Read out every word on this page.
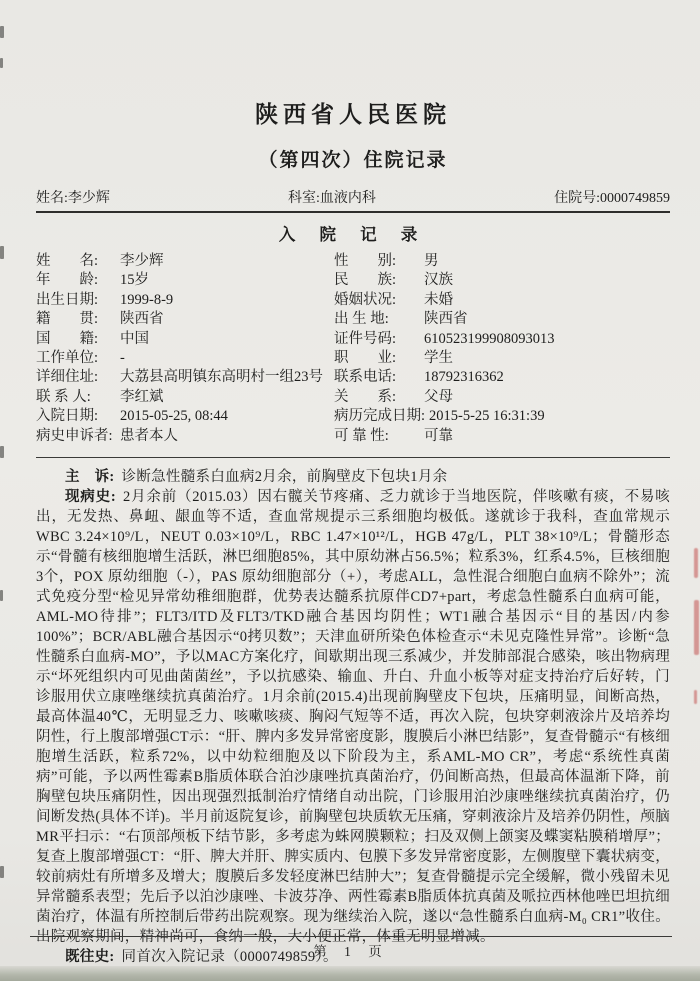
陕西省人民医院
（第四次）住院记录
姓名:李少辉	科室:血液内科	住院号:0000749859
入 院 记 录
姓　　名: 李少辉
年　　龄: 15岁
出生日期: 1999-8-9
籍　　贯: 陕西省
国　　籍: 中国
工作单位: -
详细住址: 大荔县高明镇东高明村一组23号
联 系 人: 李红斌
入院日期: 2015-05-25, 08:44
病史申诉者: 患者本人
性　　别: 男
民　　族: 汉族
婚姻状况: 未婚
出 生 地: 陕西省
证件号码: 610523199908093013
职　　业: 学生
联系电话: 18792316362
关　　系: 父母
病历完成日期: 2015-5-25 16:31:39
可 靠 性: 可靠

主　诉: 诊断急性髓系白血病2月余，前胸壁皮下包块1月余

现病史: 2月余前（2015.03）因右髋关节疼痛、乏力就诊于当地医院，伴咳嗽有痰，不易咳出，无发热、鼻衄、龈血等不适，查血常规提示三系细胞均极低。遂就诊于我科，查血常规示WBC 3.24×10⁹/L，NEUT 0.03×10⁹/L，RBC 1.47×10¹²/L，HGB 47g/L，PLT 38×10⁹/L；骨髓形态示“骨髓有核细胞增生活跃，淋巴细胞85%，其中原幼淋占56.5%；粒系3%，红系4.5%，巨核细胞3个，POX 原幼细胞（-），PAS 原幼细胞部分（+），考虑ALL，急性混合细胞白血病不除外”；流式免疫分型“检见异常幼稚细胞群，优势表达髓系抗原伴CD7+part，考虑急性髓系白血病可能，AML-MO待排”；FLT3/ITD及FLT3/TKD融合基因均阴性；WT1融合基因示“目的基因/内参 100%”；BCR/ABL融合基因示“0拷贝数”；天津血研所染色体检查示“未见克隆性异常”。诊断“急性髓系白血病-MO”，予以MAC方案化疗，间歇期出现三系减少，并发肺部混合感染，咳出物病理示“坏死组织内可见曲菌菌丝”，予以抗感染、输血、升白、升血小板等对症支持治疗后好转，门诊服用伏立康唑继续抗真菌治疗。1月余前(2015.4)出现前胸壁皮下包块，压痛明显，间断高热，最高体温40℃，无明显乏力、咳嗽咳痰、胸闷气短等不适，再次入院，包块穿刺液涂片及培养均阴性，行上腹部增强CT示：“肝、脾内多发异常密度影，腹膜后小淋巴结影”，复查骨髓示“有核细胞增生活跃，粒系72%，以中幼粒细胞及以下阶段为主，系AML-MO CR”，考虑“系统性真菌病”可能，予以两性霉素B脂质体联合泊沙康唑抗真菌治疗，仍间断高热，但最高体温渐下降，前胸壁包块压痛阴性，因出现强烈抵制治疗情绪自动出院，门诊服用泊沙康唑继续抗真菌治疗，仍间断发热(具体不详)。半月前返院复诊，前胸壁包块质软无压痛，穿刺液涂片及培养仍阴性，颅脑MR平扫示：“右顶部颅板下结节影，多考虑为蛛网膜颗粒；扫及双侧上颌窦及蝶窦粘膜稍增厚”；复查上腹部增强CT：“肝、脾大并肝、脾实质内、包膜下多发异常密度影，左侧腹壁下囊状病变，较前病灶有所增多及增大；腹膜后多发轻度淋巴结肿大”；复查骨髓提示完全缓解，微小残留未见异常髓系表型；先后予以泊沙康唑、卡波芬净、两性霉素B脂质体抗真菌及哌拉西林他唑巴坦抗细菌治疗，体温有所控制后带药出院观察。现为继续治入院，遂以“急性髓系白血病-M₀ CR1”收住。出院观察期间，精神尚可，食纳一般，大小便正常，体重无明显增减。

既往史: 同首次入院记录（0000749859）。

第 1 页
